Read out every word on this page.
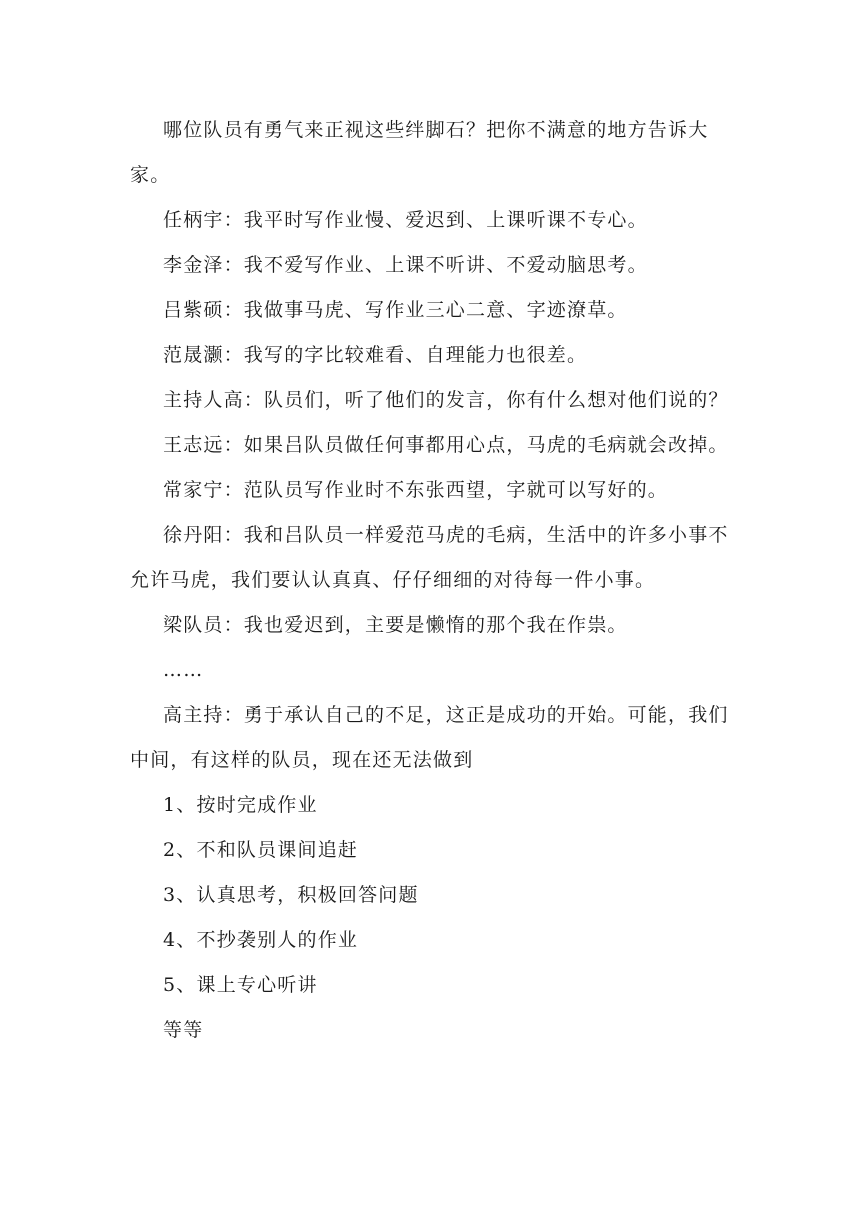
哪位队员有勇气来正视这些绊脚石？把你不满意的地方告诉大家。

任柄宇：我平时写作业慢、爱迟到、上课听课不专心。

李金泽：我不爱写作业、上课不听讲、不爱动脑思考。

吕紫硕：我做事马虎、写作业三心二意、字迹潦草。

范晟灏：我写的字比较难看、自理能力也很差。

主持人高：队员们，听了他们的发言，你有什么想对他们说的？

王志远：如果吕队员做任何事都用心点，马虎的毛病就会改掉。

常家宁：范队员写作业时不东张西望，字就可以写好的。

徐丹阳：我和吕队员一样爱范马虎的毛病，生活中的许多小事不允许马虎，我们要认认真真、仔仔细细的对待每一件小事。

梁队员：我也爱迟到，主要是懒惰的那个我在作祟。

……

高主持：勇于承认自己的不足，这正是成功的开始。可能，我们中间，有这样的队员，现在还无法做到

1、按时完成作业

2、不和队员课间追赶

3、认真思考，积极回答问题

4、不抄袭别人的作业

5、课上专心听讲

等等
